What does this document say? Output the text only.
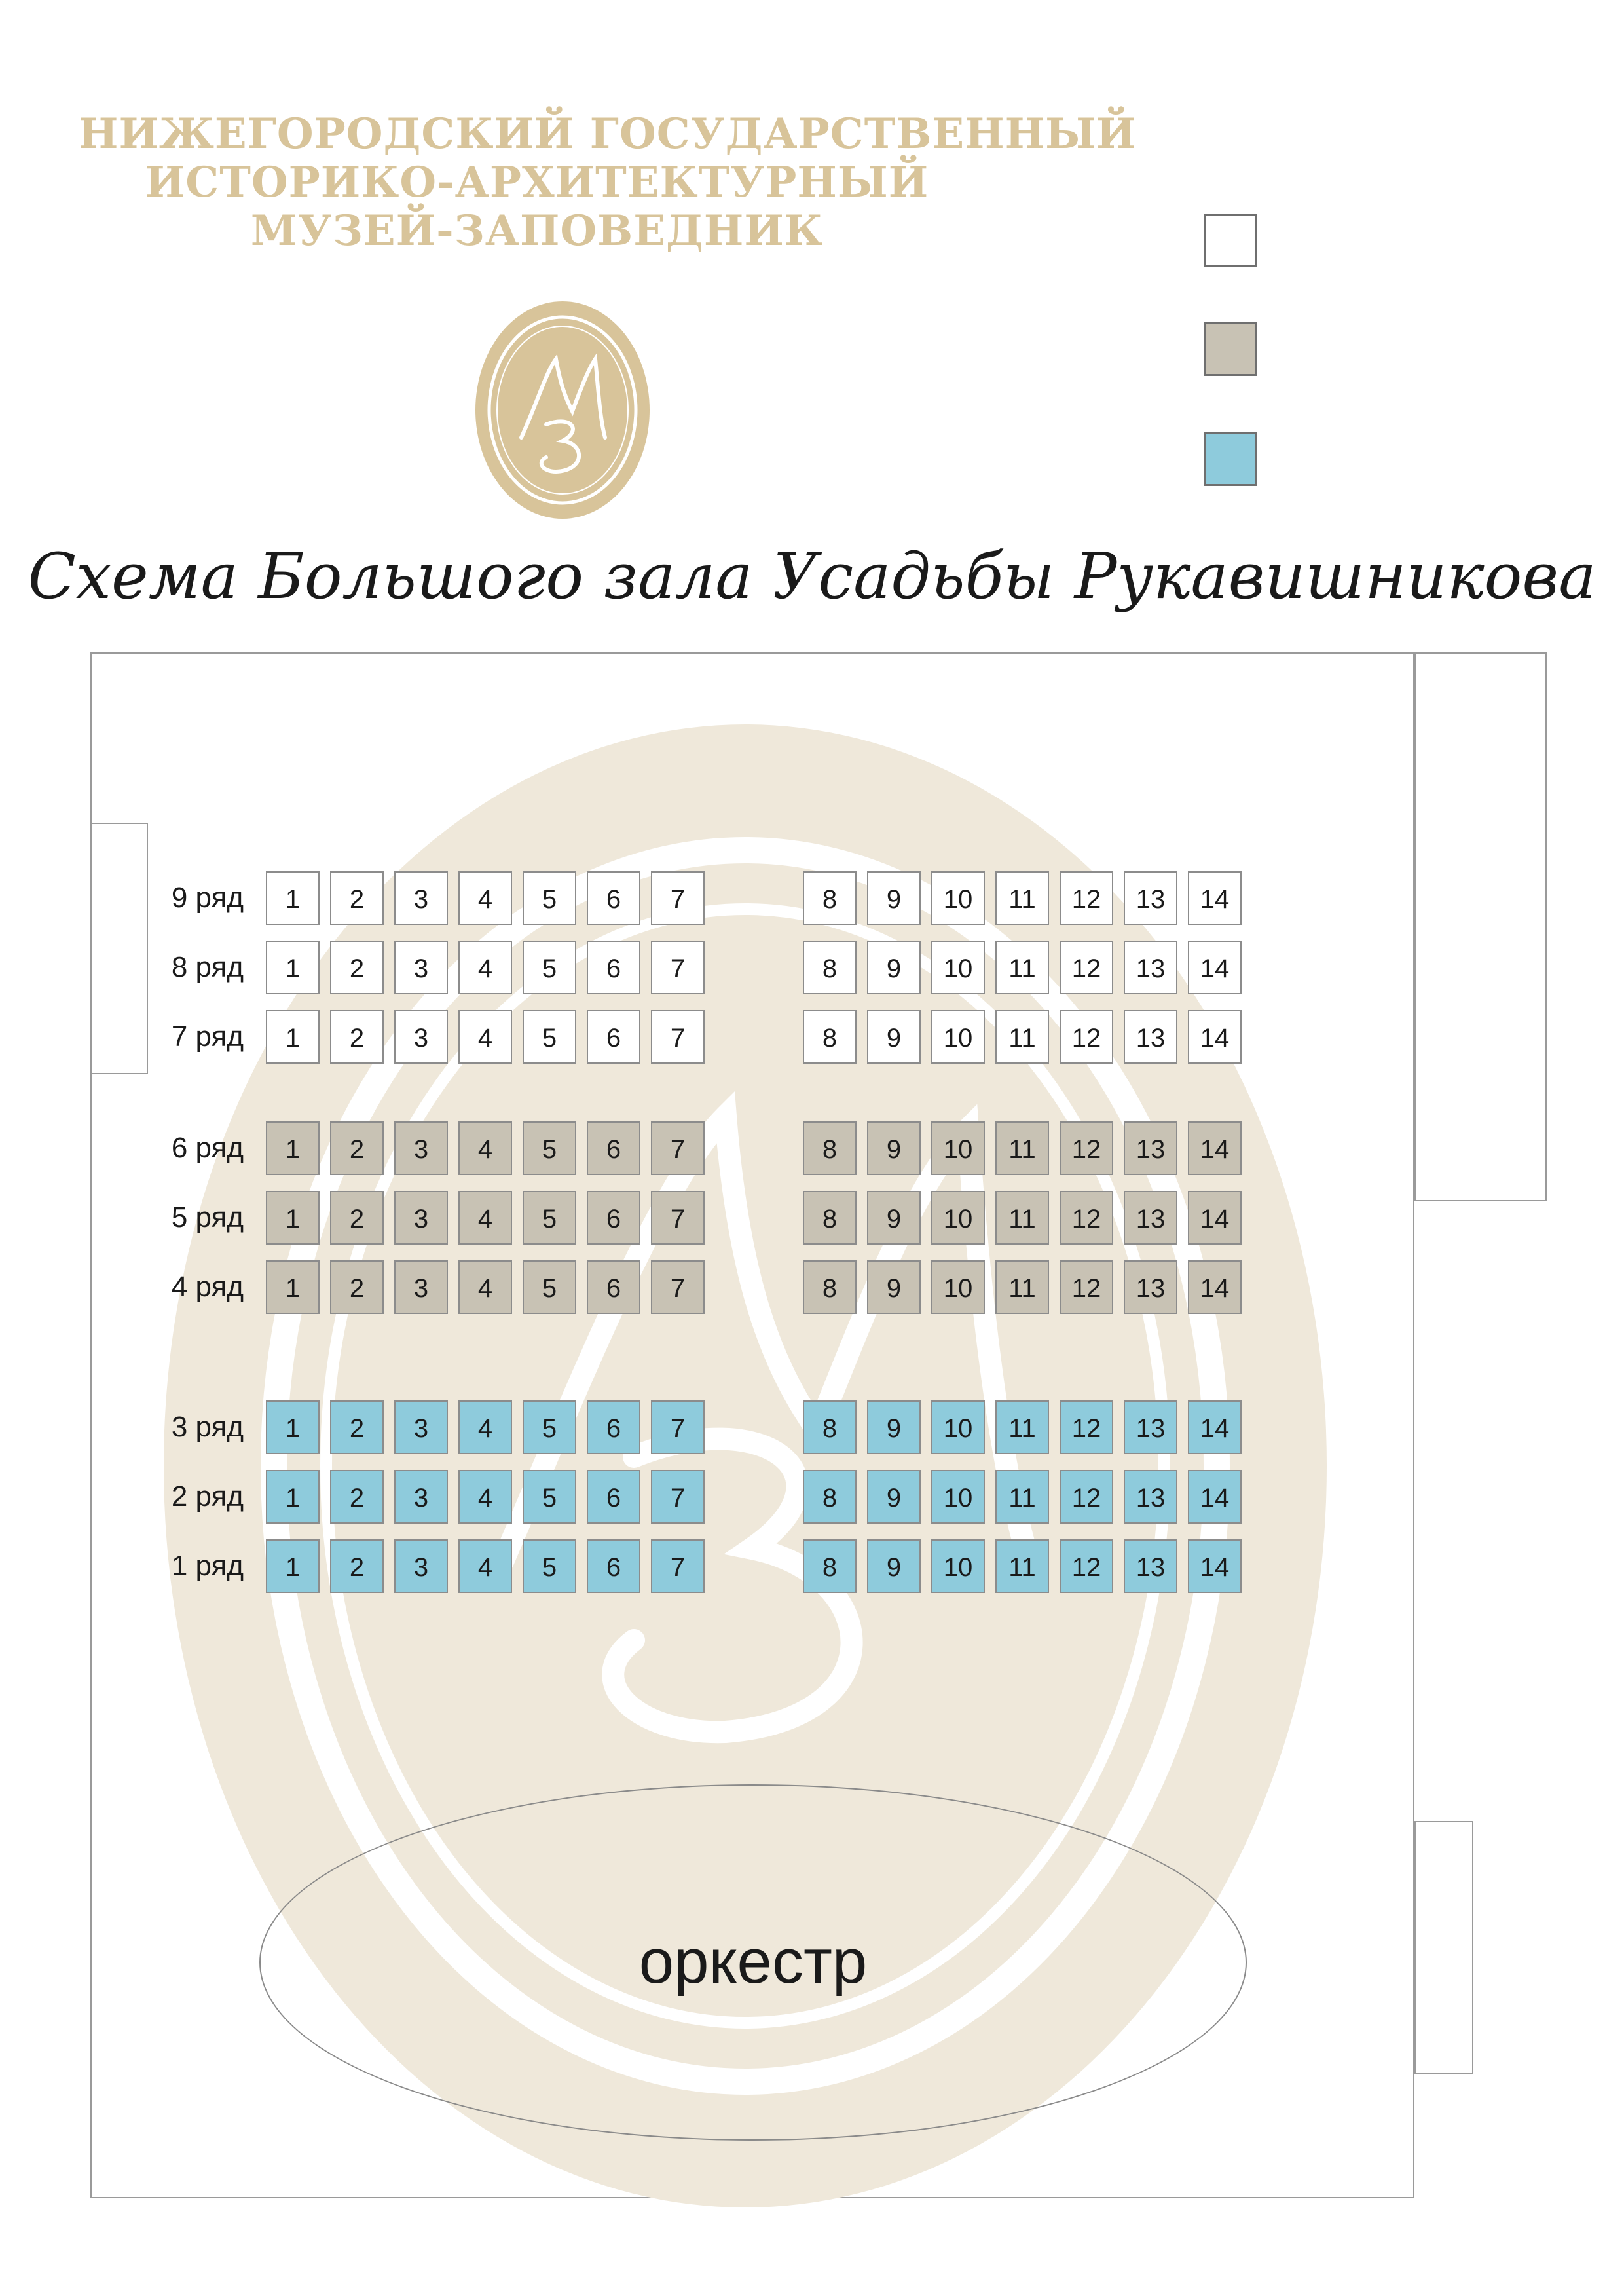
НИЖЕГОРОДСКИЙ ГОСУДАРСТВЕННЫЙ
ИСТОРИКО-АРХИТЕКТУРНЫЙ
МУЗЕЙ-ЗАПОВЕДНИК
Схема Большого зала Усадьбы Рукавишникова
9 ряд	1	2	3	4	5	6	7	8	9	10	11	12	13	14
8 ряд	1	2	3	4	5	6	7	8	9	10	11	12	13	14
7 ряд	1	2	3	4	5	6	7	8	9	10	11	12	13	14
6 ряд	1	2	3	4	5	6	7	8	9	10	11	12	13	14
5 ряд	1	2	3	4	5	6	7	8	9	10	11	12	13	14
4 ряд	1	2	3	4	5	6	7	8	9	10	11	12	13	14
3 ряд	1	2	3	4	5	6	7	8	9	10	11	12	13	14
2 ряд	1	2	3	4	5	6	7	8	9	10	11	12	13	14
1 ряд	1	2	3	4	5	6	7	8	9	10	11	12	13	14
оркестр
